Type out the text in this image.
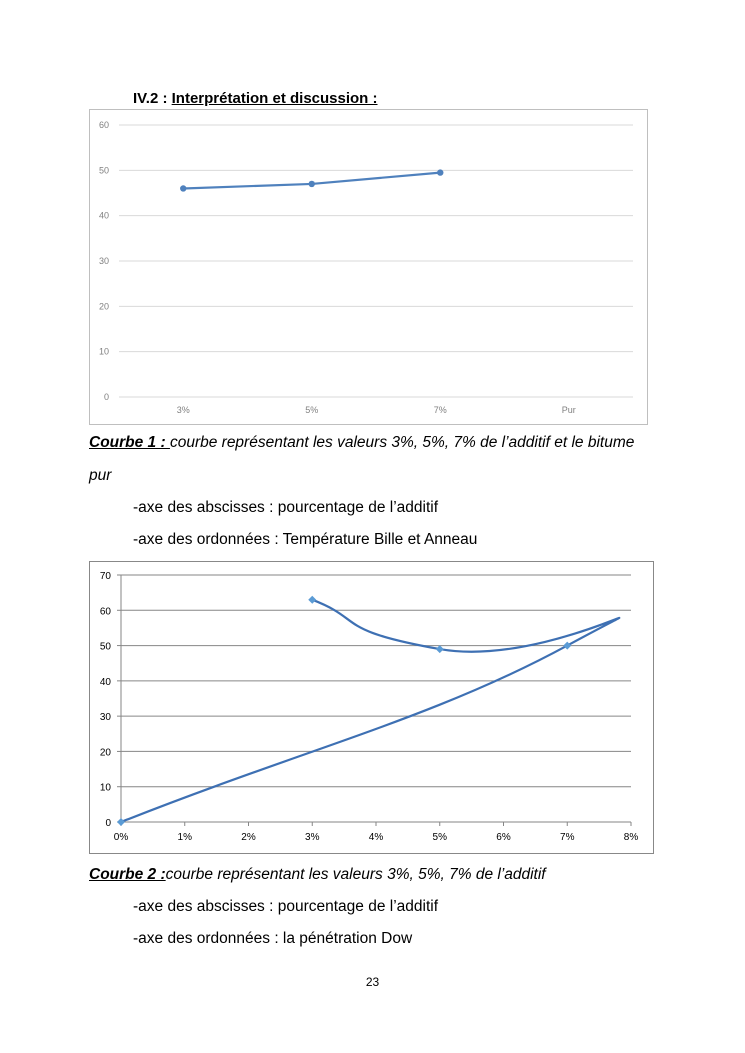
IV.2 : Interprétation et discussion :
0
10
20
30
40
50
60
3%	5%	7%	Pur
Courbe 1 : courbe représentant les valeurs 3%, 5%, 7% de l’additif et le bitume pur
-axe des abscisses : pourcentage de l’additif
-axe des ordonnées : Température Bille et Anneau
0
10
20
30
40
50
60
70
0%	1%	2%	3%	4%	5%	6%	7%	8%
Courbe 2 :courbe représentant les valeurs 3%, 5%, 7% de l’additif
-axe des abscisses : pourcentage de l’additif
-axe des ordonnées : la pénétration Dow
23
